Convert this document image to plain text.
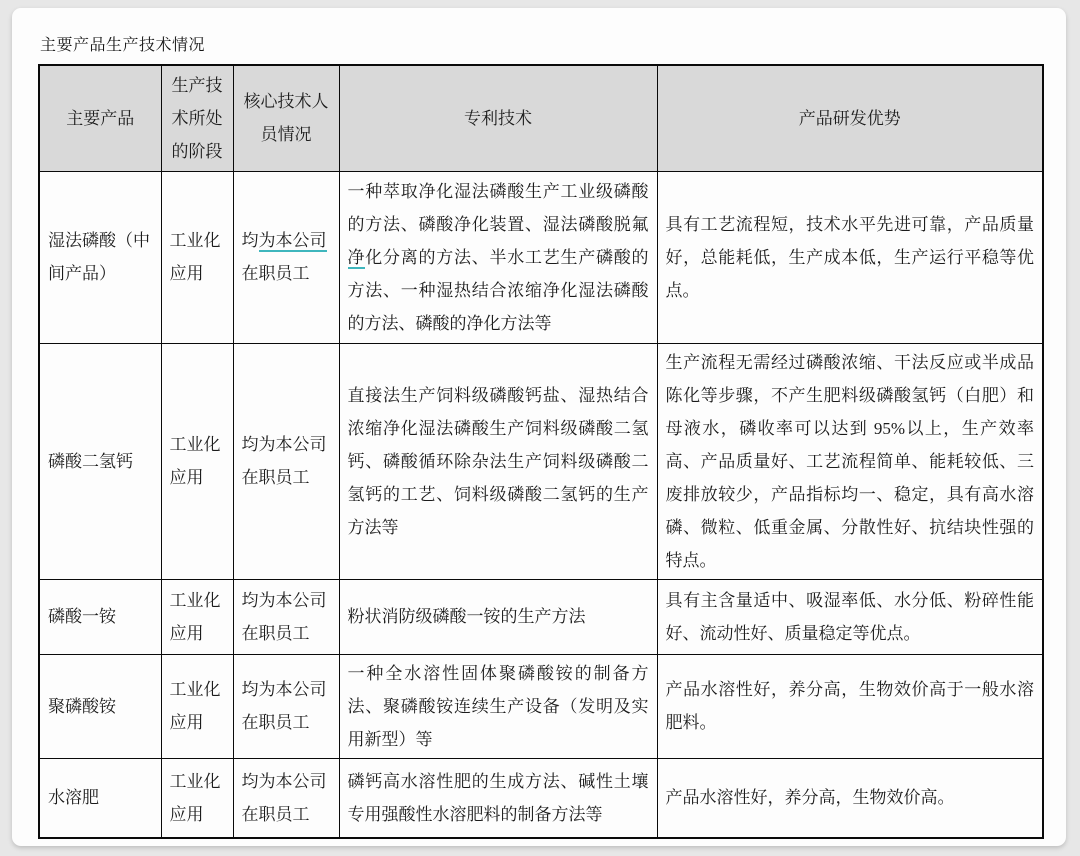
主要产品生产技术情况
主要产品	生产技术所处的阶段	核心技术人员情况	专利技术	产品研发优势
湿法磷酸（中间产品）	工业化应用	均为本公司在职员工	一种萃取净化湿法磷酸生产工业级磷酸的方法、磷酸净化装置、湿法磷酸脱氟净化分离的方法、半水工艺生产磷酸的方法、一种湿热结合浓缩净化湿法磷酸的方法、磷酸的净化方法等	具有工艺流程短，技术水平先进可靠，产品质量好，总能耗低，生产成本低，生产运行平稳等优点。
磷酸二氢钙	工业化应用	均为本公司在职员工	直接法生产饲料级磷酸钙盐、湿热结合浓缩净化湿法磷酸生产饲料级磷酸二氢钙、磷酸循环除杂法生产饲料级磷酸二氢钙的工艺、饲料级磷酸二氢钙的生产方法等	生产流程无需经过磷酸浓缩、干法反应或半成品陈化等步骤，不产生肥料级磷酸氢钙（白肥）和母液水，磷收率可以达到 95%以上，生产效率高、产品质量好、工艺流程简单、能耗较低、三废排放较少，产品指标均一、稳定，具有高水溶磷、微粒、低重金属、分散性好、抗结块性强的特点。
磷酸一铵	工业化应用	均为本公司在职员工	粉状消防级磷酸一铵的生产方法	具有主含量适中、吸湿率低、水分低、粉碎性能好、流动性好、质量稳定等优点。
聚磷酸铵	工业化应用	均为本公司在职员工	一种全水溶性固体聚磷酸铵的制备方法、聚磷酸铵连续生产设备（发明及实用新型）等	产品水溶性好，养分高，生物效价高于一般水溶肥料。
水溶肥	工业化应用	均为本公司在职员工	磷钙高水溶性肥的生成方法、碱性土壤专用强酸性水溶肥料的制备方法等	产品水溶性好，养分高，生物效价高。
